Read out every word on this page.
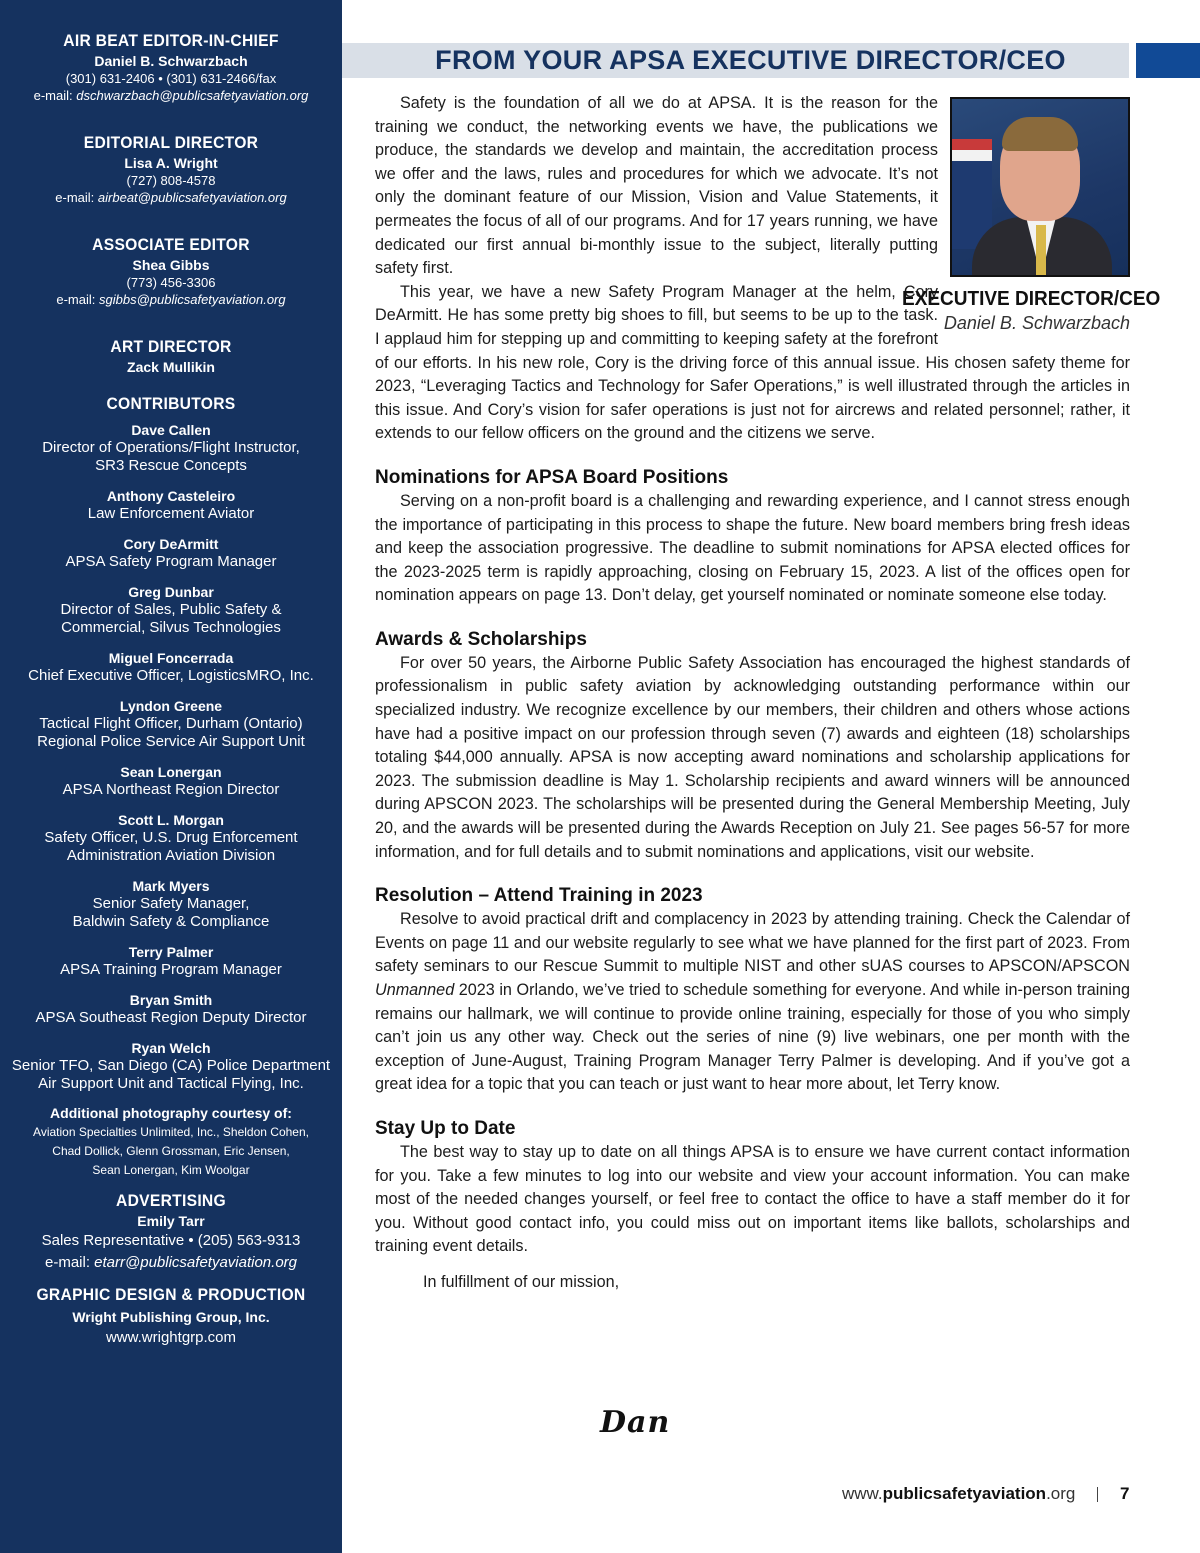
AIR BEAT EDITOR-IN-CHIEF
Daniel B. Schwarzbach
(301) 631-2406 • (301) 631-2466/fax
e-mail: dschwarzbach@publicsafetyaviation.org
EDITORIAL DIRECTOR
Lisa A. Wright
(727) 808-4578
e-mail: airbeat@publicsafetyaviation.org
ASSOCIATE EDITOR
Shea Gibbs
(773) 456-3306
e-mail: sgibbs@publicsafetyaviation.org
ART DIRECTOR
Zack Mullikin
CONTRIBUTORS
Dave Callen
Director of Operations/Flight Instructor,
SR3 Rescue Concepts
Anthony Casteleiro
Law Enforcement Aviator
Cory DeArmitt
APSA Safety Program Manager
Greg Dunbar
Director of Sales, Public Safety &
Commercial, Silvus Technologies
Miguel Foncerrada
Chief Executive Officer, LogisticsMRO, Inc.
Lyndon Greene
Tactical Flight Officer, Durham (Ontario)
Regional Police Service Air Support Unit
Sean Lonergan
APSA Northeast Region Director
Scott L. Morgan
Safety Officer, U.S. Drug Enforcement
Administration Aviation Division
Mark Myers
Senior Safety Manager,
Baldwin Safety & Compliance
Terry Palmer
APSA Training Program Manager
Bryan Smith
APSA Southeast Region Deputy Director
Ryan Welch
Senior TFO, San Diego (CA) Police Department
Air Support Unit and Tactical Flying, Inc.
Additional photography courtesy of:
Aviation Specialties Unlimited, Inc., Sheldon Cohen,
Chad Dollick, Glenn Grossman, Eric Jensen,
Sean Lonergan, Kim Woolgar
ADVERTISING
Emily Tarr
Sales Representative • (205) 563-9313
e-mail: etarr@publicsafetyaviation.org
GRAPHIC DESIGN & PRODUCTION
Wright Publishing Group, Inc.
www.wrightgrp.com
FROM YOUR APSA EXECUTIVE DIRECTOR/CEO
EXECUTIVE DIRECTOR/CEO
Daniel B. Schwarzbach

Safety is the foundation of all we do at APSA. It is the reason for the training we conduct, the networking events we have, the publications we produce, the standards we develop and maintain, the accreditation process we offer and the laws, rules and procedures for which we advocate. It’s not only the dominant feature of our Mission, Vision and Value Statements, it permeates the focus of all of our programs. And for 17 years running, we have dedicated our first annual bi-monthly issue to the subject, literally putting safety first.

This year, we have a new Safety Program Manager at the helm, Cory DeArmitt. He has some pretty big shoes to fill, but seems to be up to the task. I applaud him for stepping up and committing to keeping safety at the forefront of our efforts. In his new role, Cory is the driving force of this annual issue. His chosen safety theme for 2023, “Leveraging Tactics and Technology for Safer Operations,” is well illustrated through the articles in this issue. And Cory’s vision for safer operations is just not for aircrews and related personnel; rather, it extends to our fellow officers on the ground and the citizens we serve.

Nominations for APSA Board Positions

Serving on a non-profit board is a challenging and rewarding experience, and I cannot stress enough the importance of participating in this process to shape the future. New board members bring fresh ideas and keep the association progressive. The deadline to submit nominations for APSA elected offices for the 2023-2025 term is rapidly approaching, closing on February 15, 2023. A list of the offices open for nomination appears on page 13. Don’t delay, get yourself nominated or nominate someone else today.

Awards & Scholarships

For over 50 years, the Airborne Public Safety Association has encouraged the highest standards of professionalism in public safety aviation by acknowledging outstanding performance within our specialized industry. We recognize excellence by our members, their children and others whose actions have had a positive impact on our profession through seven (7) awards and eighteen (18) scholarships totaling $44,000 annually. APSA is now accepting award nominations and scholarship applications for 2023. The submission deadline is May 1. Scholarship recipients and award winners will be announced during APSCON 2023. The scholarships will be presented during the General Membership Meeting, July 20, and the awards will be presented during the Awards Reception on July 21. See pages 56-57 for more information, and for full details and to submit nominations and applications, visit our website.

Resolution – Attend Training in 2023

Resolve to avoid practical drift and complacency in 2023 by attending training. Check the Calendar of Events on page 11 and our website regularly to see what we have planned for the first part of 2023. From safety seminars to our Rescue Summit to multiple NIST and other sUAS courses to APSCON/APSCON Unmanned 2023 in Orlando, we’ve tried to schedule something for everyone. And while in-person training remains our hallmark, we will continue to provide online training, especially for those of you who simply can’t join us any other way. Check out the series of nine (9) live webinars, one per month with the exception of June-August, Training Program Manager Terry Palmer is developing. And if you’ve got a great idea for a topic that you can teach or just want to hear more about, let Terry know.

Stay Up to Date

The best way to stay up to date on all things APSA is to ensure we have current contact information for you. Take a few minutes to log into our website and view your account information. You can make most of the needed changes yourself, or feel free to contact the office to have a staff member do it for you. Without good contact info, you could miss out on important items like ballots, scholarships and training event details.

In fulfillment of our mission,
Dan
www.publicsafetyaviation.org	7
